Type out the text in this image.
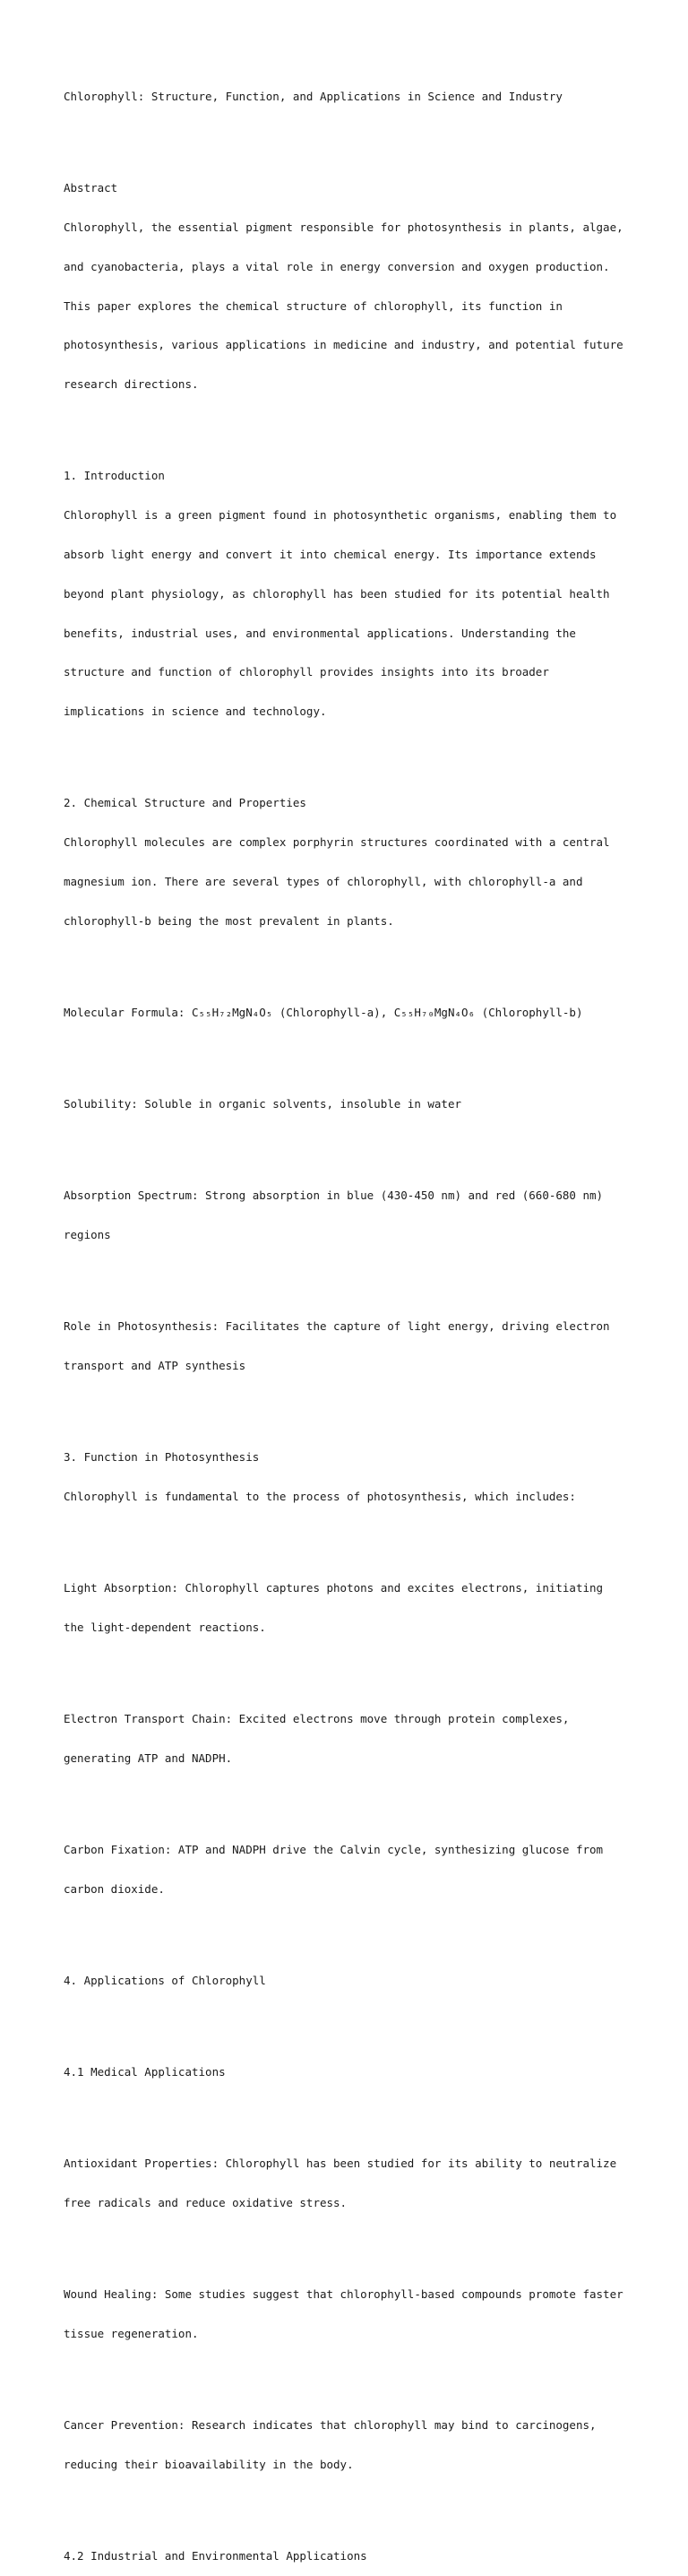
Chlorophyll: Structure, Function, and Applications in Science and Industry

Abstract

Chlorophyll, the essential pigment responsible for photosynthesis in plants, algae,

and cyanobacteria, plays a vital role in energy conversion and oxygen production.

This paper explores the chemical structure of chlorophyll, its function in

photosynthesis, various applications in medicine and industry, and potential future

research directions.

1. Introduction

Chlorophyll is a green pigment found in photosynthetic organisms, enabling them to

absorb light energy and convert it into chemical energy. Its importance extends

beyond plant physiology, as chlorophyll has been studied for its potential health

benefits, industrial uses, and environmental applications. Understanding the

structure and function of chlorophyll provides insights into its broader

implications in science and technology.

2. Chemical Structure and Properties

Chlorophyll molecules are complex porphyrin structures coordinated with a central

magnesium ion. There are several types of chlorophyll, with chlorophyll-a and

chlorophyll-b being the most prevalent in plants.

Molecular Formula: C₅₅H₇₂MgN₄O₅ (Chlorophyll-a), C₅₅H₇₀MgN₄O₆ (Chlorophyll-b)

Solubility: Soluble in organic solvents, insoluble in water

Absorption Spectrum: Strong absorption in blue (430-450 nm) and red (660-680 nm)

regions

Role in Photosynthesis: Facilitates the capture of light energy, driving electron

transport and ATP synthesis

3. Function in Photosynthesis

Chlorophyll is fundamental to the process of photosynthesis, which includes:

Light Absorption: Chlorophyll captures photons and excites electrons, initiating

the light-dependent reactions.

Electron Transport Chain: Excited electrons move through protein complexes,

generating ATP and NADPH.

Carbon Fixation: ATP and NADPH drive the Calvin cycle, synthesizing glucose from

carbon dioxide.

4. Applications of Chlorophyll

4.1 Medical Applications

Antioxidant Properties: Chlorophyll has been studied for its ability to neutralize

free radicals and reduce oxidative stress.

Wound Healing: Some studies suggest that chlorophyll-based compounds promote faster

tissue regeneration.

Cancer Prevention: Research indicates that chlorophyll may bind to carcinogens,

reducing their bioavailability in the body.

4.2 Industrial and Environmental Applications
